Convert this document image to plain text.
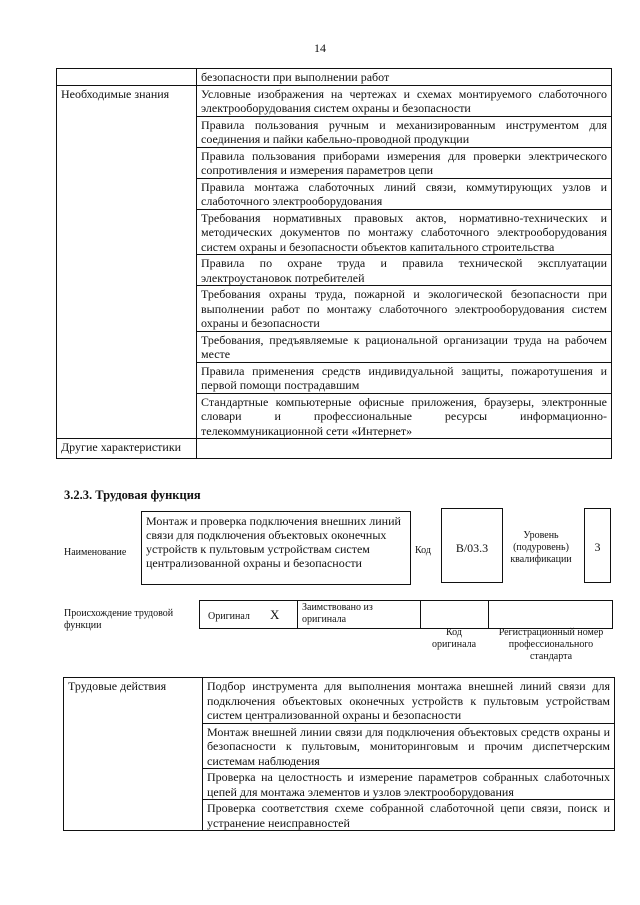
14
	безопасности при выполнении работ
Необходимые знания	Условные изображения на чертежах и схемах монтируемого слаботочного электрооборудования систем охраны и безопасности
	Правила пользования ручным и механизированным инструментом для соединения и пайки кабельно-проводной продукции
	Правила пользования приборами измерения для проверки электрического сопротивления и измерения параметров цепи
	Правила монтажа слаботочных линий связи, коммутирующих узлов и слаботочного электрооборудования
	Требования нормативных правовых актов, нормативно-технических и методических документов по монтажу слаботочного электрооборудования систем охраны и безопасности объектов капитального строительства
	Правила по охране труда и правила технической эксплуатации электроустановок потребителей
	Требования охраны труда, пожарной и экологической безопасности при выполнении работ по монтажу слаботочного электрооборудования систем охраны и безопасности
	Требования, предъявляемые к рациональной организации труда на рабочем месте
	Правила применения средств индивидуальной защиты, пожаротушения и первой помощи пострадавшим
	Стандартные компьютерные офисные приложения, браузеры, электронные словари и профессиональные ресурсы информационно-телекоммуникационной сети «Интернет»
Другие характеристики	
3.2.3. Трудовая функция
Наименование
Монтаж и проверка подключения внешних линий связи для подключения объектовых оконечных устройств к пультовым устройствам систем централизованной охраны и безопасности
Код	B/03.3
Уровень (подуровень) квалификации
3
Происхождение трудовой функции
Оригинал X Заимствовано из оригинала
Код оригинала
Регистрационный номер профессионального стандарта
Трудовые действия	Подбор инструмента для выполнения монтажа внешней линий связи для подключения объектовых оконечных устройств к пультовым устройствам систем централизованной охраны и безопасности
Монтаж внешней линии связи для подключения объектовых средств охраны и безопасности к пультовым, мониторинговым и прочим диспетчерским системам наблюдения
Проверка на целостность и измерение параметров собранных слаботочных цепей для монтажа элементов и узлов электрооборудования
Проверка соответствия схеме собранной слаботочной цепи связи, поиск и устранение неисправностей
